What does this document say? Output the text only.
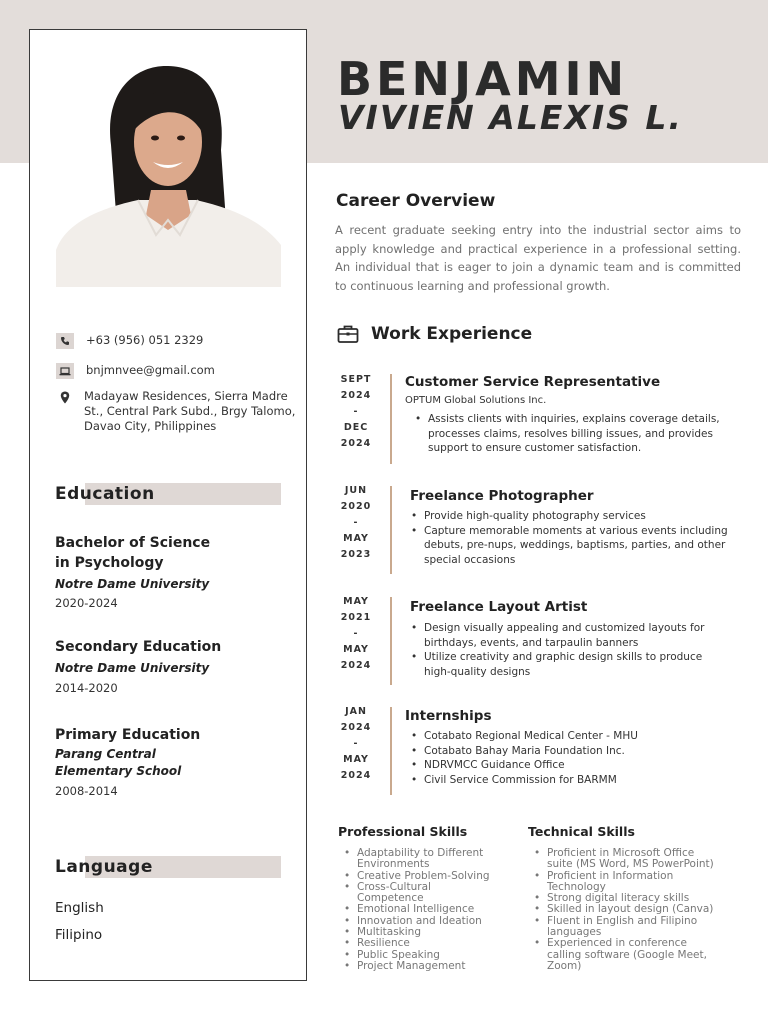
BENJAMIN
VIVIEN ALEXIS L.
+63 (956) 051 2329
bnjmnvee@gmail.com
Madayaw Residences, Sierra Madre
St., Central Park Subd., Brgy Talomo,
Davao City, Philippines
Education
Bachelor of Science
in Psychology
Notre Dame University
2020-2024
Secondary Education
Notre Dame University
2014-2020
Primary Education
Parang Central
Elementary School
2008-2014
Language
English
Filipino
Career Overview
A recent graduate seeking entry into the industrial sector aims to apply knowledge and practical experience in a professional setting. An individual that is eager to join a dynamic team and is committed to continuous learning and professional growth.
Work Experience
SEPT
2024
-
DEC
2024
Customer Service Representative
OPTUM Global Solutions Inc.
• Assists clients with inquiries, explains coverage details,
processes claims, resolves billing issues, and provides
support to ensure customer satisfaction.
JUN
2020
-
MAY
2023
Freelance Photographer
• Provide high-quality photography services
• Capture memorable moments at various events including
debuts, pre-nups, weddings, baptisms, parties, and other
special occasions
MAY
2021
-
MAY
2024
Freelance Layout Artist
• Design visually appealing and customized layouts for
birthdays, events, and tarpaulin banners
• Utilize creativity and graphic design skills to produce
high-quality designs
JAN
2024
-
MAY
2024
Internships
• Cotabato Regional Medical Center - MHU
• Cotabato Bahay Maria Foundation Inc.
• NDRVMCC Guidance Office
• Civil Service Commission for BARMM
Professional Skills
• Adaptability to Different
Environments
• Creative Problem-Solving
• Cross-Cultural
Competence
• Emotional Intelligence
• Innovation and Ideation
• Multitasking
• Resilience
• Public Speaking
• Project Management
Technical Skills
• Proficient in Microsoft Office
suite (MS Word, MS PowerPoint)
• Proficient in Information
Technology
• Strong digital literacy skills
• Skilled in layout design (Canva)
• Fluent in English and Filipino
languages
• Experienced in conference
calling software (Google Meet,
Zoom)
